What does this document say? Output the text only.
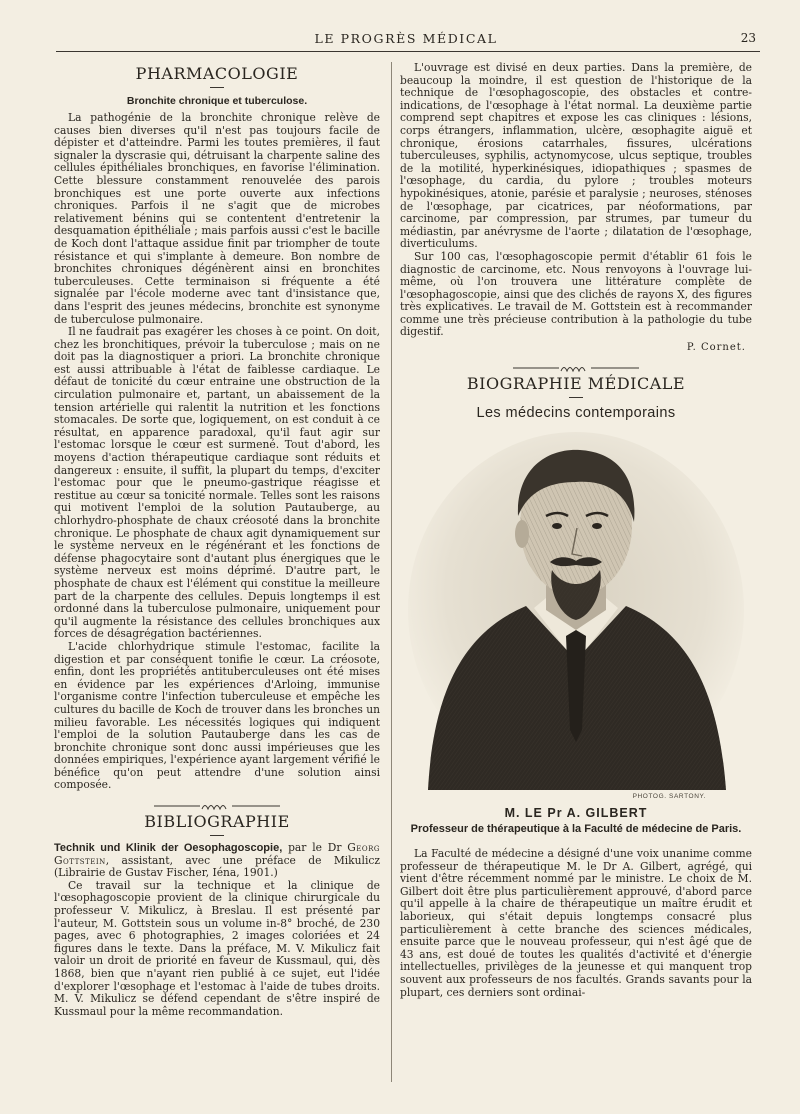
LE PROGRÈS MÉDICAL	23
PHARMACOLOGIE
Bronchite chronique et tuberculose.

La pathogénie de la bronchite chronique relève de causes bien diverses qu'il n'est pas toujours facile de dépister et d'atteindre. Parmi les toutes premières, il faut signaler la dyscrasie qui, détruisant la charpente saline des cellules épithéliales bronchiques, en favorise l'élimination. Cette blessure constamment renouvelée des parois bronchiques est une porte ouverte aux infections chroniques. Parfois il ne s'agit que de microbes relativement bénins qui se contentent d'entretenir la desquamation épithéliale ; mais parfois aussi c'est le bacille de Koch dont l'attaque assidue finit par triompher de toute résistance et qui s'implante à demeure. Bon nombre de bronchites chroniques dégénèrent ainsi en bronchites tuberculeuses. Cette terminaison si fréquente a été signalée par l'école moderne avec tant d'insistance que, dans l'esprit des jeunes médecins, bronchite est synonyme de tuberculose pulmonaire.

Il ne faudrait pas exagérer les choses à ce point. On doit, chez les bronchitiques, prévoir la tuberculose ; mais on ne doit pas la diagnostiquer a priori. La bronchite chronique est aussi attribuable à l'état de faiblesse cardiaque. Le défaut de tonicité du cœur entraine une obstruction de la circulation pulmonaire et, partant, un abaissement de la tension artérielle qui ralentit la nutrition et les fonctions stomacales. De sorte que, logiquement, on est conduit à ce résultat, en apparence paradoxal, qu'il faut agir sur l'estomac lorsque le cœur est surmené. Tout d'abord, les moyens d'action thérapeutique cardiaque sont réduits et dangereux : ensuite, il suffit, la plupart du temps, d'exciter l'estomac pour que le pneumo-gastrique réagisse et restitue au cœur sa tonicité normale. Telles sont les raisons qui motivent l'emploi de la solution Pautauberge, au chlorhydro-phosphate de chaux créosoté dans la bronchite chronique. Le phosphate de chaux agit dynamiquement sur le système nerveux en le régénérant et les fonctions de défense phagocytaire sont d'autant plus énergiques que le système nerveux est moins déprimé. D'autre part, le phosphate de chaux est l'élément qui constitue la meilleure part de la charpente des cellules. Depuis longtemps il est ordonné dans la tuberculose pulmonaire, uniquement pour qu'il augmente la résistance des cellules bronchiques aux forces de désagrégation bactériennes.

L'acide chlorhydrique stimule l'estomac, facilite la digestion et par conséquent tonifie le cœur. La créosote, enfin, dont les propriétés antituberculeuses ont été mises en évidence par les expériences d'Arloing, immunise l'organisme contre l'infection tuberculeuse et empêche les cultures du bacille de Koch de trouver dans les bronches un milieu favorable. Les nécessités logiques qui indiquent l'emploi de la solution Pautauberge dans les cas de bronchite chronique sont donc aussi impérieuses que les données empiriques, l'expérience ayant largement vérifié le bénéfice qu'on peut attendre d'une solution ainsi composée.

BIBLIOGRAPHIE

Technik und Klinik der Oesophagoscopie, par le Dr Georg Gottstein, assistant, avec une préface de Mikulicz (Librairie de Gustav Fischer, Iéna, 1901.)

Ce travail sur la technique et la clinique de l'œsophagoscopie provient de la clinique chirurgicale du professeur V. Mikulicz, à Breslau. Il est présenté par l'auteur, M. Gottstein sous un volume in-8° broché, de 230 pages, avec 6 photographies, 2 images coloriées et 24 figures dans le texte. Dans la préface, M. V. Mikulicz fait valoir un droit de priorité en faveur de Kussmaul, qui, dès 1868, bien que n'ayant rien publié à ce sujet, eut l'idée d'explorer l'œsophage et l'estomac à l'aide de tubes droits. M. V. Mikulicz se défend cependant de s'être inspiré de Kussmaul pour la même recommandation.

L'ouvrage est divisé en deux parties. Dans la première, de beaucoup la moindre, il est question de l'historique de la technique de l'œsophagoscopie, des obstacles et contre-indications, de l'œsophage à l'état normal. La deuxième partie comprend sept chapitres et expose les cas cliniques : lésions, corps étrangers, inflammation, ulcère, œsophagite aiguë et chronique, érosions catarrhales, fissures, ulcérations tuberculeuses, syphilis, actynomycose, ulcus septique, troubles de la motilité, hyperkinésiques, idiopathiques ; spasmes de l'œsophage, du cardia, du pylore ; troubles moteurs hypokinésiques, atonie, parésie et paralysie ; neuroses, sténoses de l'œsophage, par cicatrices, par néoformations, par carcinome, par compression, par strumes, par tumeur du médiastin, par anévrysme de l'aorte ; dilatation de l'œsophage, diverticulums.

Sur 100 cas, l'œsophagoscopie permit d'établir 61 fois le diagnostic de carcinome, etc. Nous renvoyons à l'ouvrage lui-même, où l'on trouvera une littérature complète de l'œsophagoscopie, ainsi que des clichés de rayons X, des figures très explicatives. Le travail de M. Gottstein est à recommander comme une très précieuse contribution à la pathologie du tube digestif.

P. Cornet.
BIOGRAPHIE MÉDICALE
Les médecins contemporains
PHOTOG. SARTONY.
M. LE Pr A. GILBERT
Professeur de thérapeutique à la Faculté de médecine de Paris.

La Faculté de médecine a désigné d'une voix unanime comme professeur de thérapeutique M. le Dr A. Gilbert, agrégé, qui vient d'être récemment nommé par le ministre. Le choix de M. Gilbert doit être plus particulièrement approuvé, d'abord parce qu'il appelle à la chaire de thérapeutique un maître érudit et laborieux, qui s'était depuis longtemps consacré plus particulièrement à cette branche des sciences médicales, ensuite parce que le nouveau professeur, qui n'est âgé que de 43 ans, est doué de toutes les qualités d'activité et d'énergie intellectuelles, privilèges de la jeunesse et qui manquent trop souvent aux professeurs de nos facultés. Grands savants pour la plupart, ces derniers sont ordinai-
